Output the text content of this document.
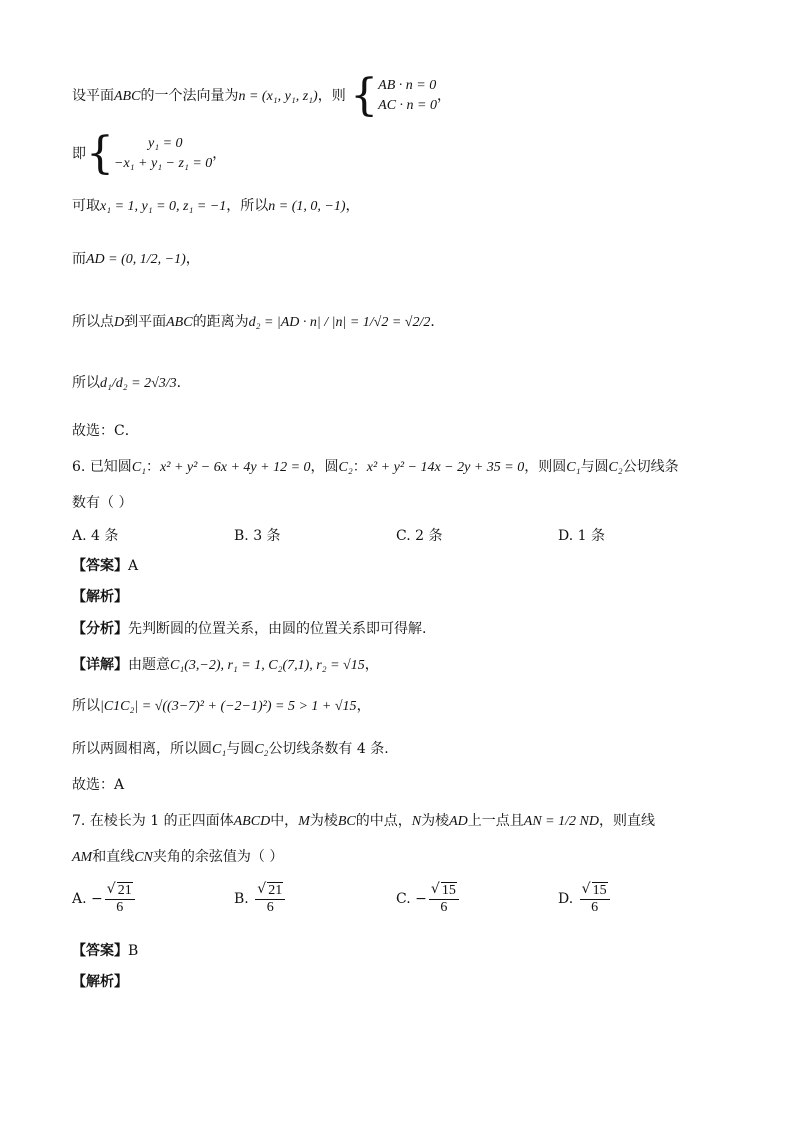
设平面ABC的一个法向量为n = (x₁, y₁, z₁)，则 { AB · n = 0
AC · n = 0
，
即{	y₁ = 0
−x₁ + y₁ − z₁ = 0
，
可取x₁ = 1, y₁ = 0, z₁ = −1，所以n = (1, 0, −1)，
而AD = (0, 1/2, −1)，
所以点D到平面ABC的距离为d₂ = |AD · n| / |n| = 1/√2 = √2/2．
所以d₁/d₂ = 2√3/3．
故选：C．
6. 已知圆C₁：x² + y² − 6x + 4y + 12 = 0，圆C₂：x² + y² − 14x − 2y + 35 = 0，则圆C₁与圆C₂公切线条
数有（ ）
A. 4 条	B. 3 条	C. 2 条	D. 1 条
【答案】A
【解析】
【分析】先判断圆的位置关系，由圆的位置关系即可得解.
【详解】由题意C₁(3,−2), r₁ = 1, C₂(7,1), r₂ = √15，
所以|C1C₂| = √((3−7)² + (−2−1)²) = 5 > 1 + √15，
所以两圆相离，所以圆C₁与圆C₂公切线条数有 4 条.
故选：A
7. 在棱长为 1 的正四面体ABCD中，M为棱BC的中点，N为棱AD上一点且AN = 1/2 ND，则直线
AM和直线CN夹角的余弦值为（ ）
A. − √ $\frac{21}{6}$	B. √ $\frac{21}{6}$	C. − √ $\frac{15}{6}$	D. √ $\frac{15}{6}$
【答案】B
【解析】
